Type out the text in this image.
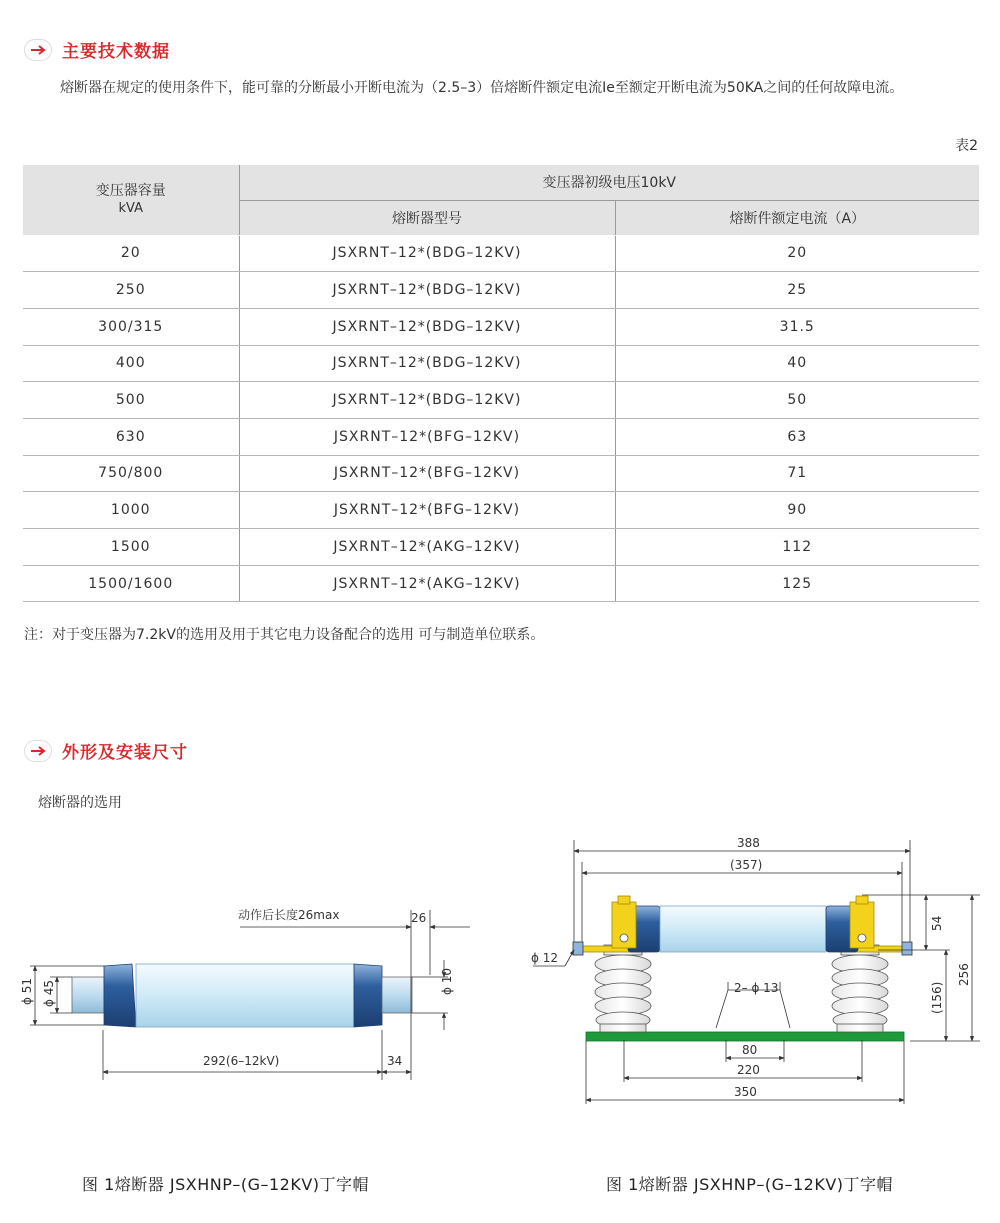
主要技术数据

熔断器在规定的使用条件下，能可靠的分断最小开断电流为（2.5–3）倍熔断件额定电流Ie至额定开断电流为50KA之间的任何故障电流。

表2
变压器容量
kVA	变压器初级电压10kV	
	熔断器型号	熔断件额定电流（A）
20	JSXRNT–12*(BDG–12KV)	20
250	JSXRNT–12*(BDG–12KV)	25
300/315	JSXRNT–12*(BDG–12KV)	31.5
400	JSXRNT–12*(BDG–12KV)	40
500	JSXRNT–12*(BDG–12KV)	50
630	JSXRNT–12*(BFG–12KV)	63
750/800	JSXRNT–12*(BFG–12KV)	71
1000	JSXRNT–12*(BFG–12KV)	90
1500	JSXRNT–12*(AKG–12KV)	112
1500/1600	JSXRNT–12*(AKG–12KV)	125
注：对于变压器为7.2kV的选用及用于其它电力设备配合的选用 可与制造单位联系。
外形及安装尺寸
熔断器的选用
动作后长度26max	26
ϕ 51 ϕ 45	ϕ 10
292(6–12kV)	34
388
(357)
ϕ 12
2– ϕ 13
80
220
350
54
(156)
256
图 1熔断器 JSXHNP–(G–12KV)丁字帽	图 1熔断器 JSXHNP–(G–12KV)丁字帽
